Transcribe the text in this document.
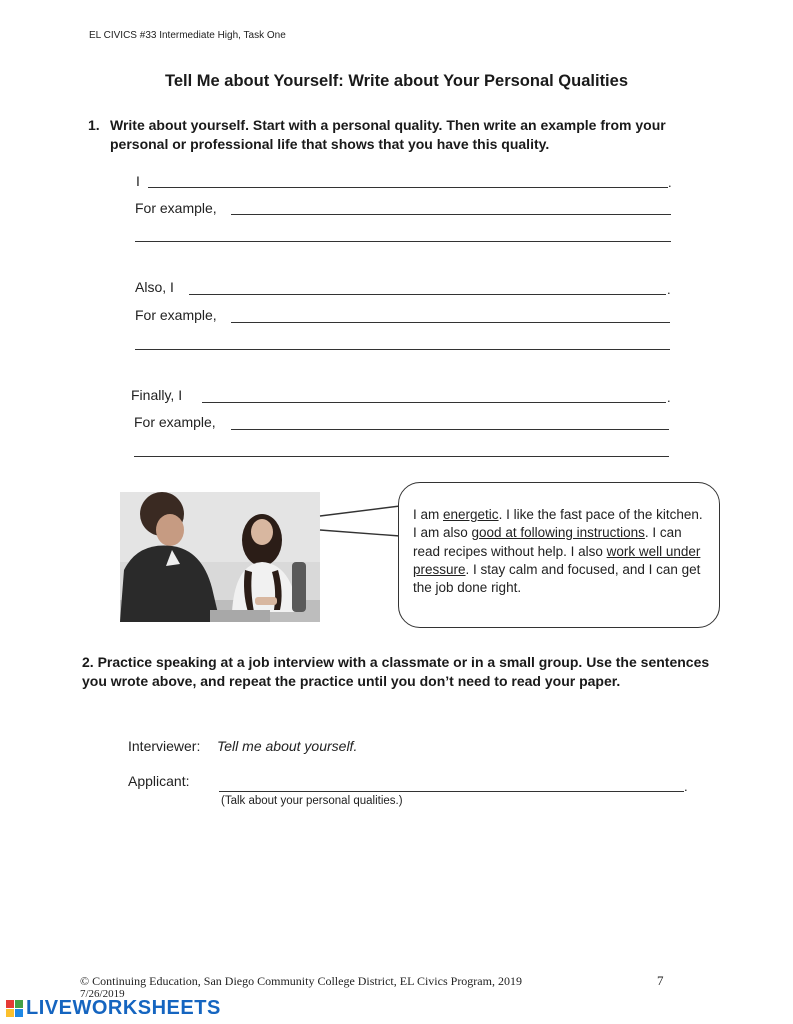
EL CIVICS #33 Intermediate High, Task One
Tell Me about Yourself: Write about Your Personal Qualities
1. Write about yourself. Start with a personal quality. Then write an example from your personal or professional life that shows that you have this quality.
I	.
For example,
Also, I	.
For example,
Finally, I	.
For example,
I am energetic. I like the fast pace of the kitchen. I am also good at following instructions. I can read recipes without help. I also work well under pressure. I stay calm and focused, and I can get the job done right.
2. Practice speaking at a job interview with a classmate or in a small group. Use the sentences you wrote above, and repeat the practice until you don’t need to read your paper.
Interviewer: Tell me about yourself.
Applicant:	.
(Talk about your personal qualities.)
© Continuing Education, San Diego Community College District, EL Civics Program, 2019
7/26/2019
7
LIVEWORKSHEETS
